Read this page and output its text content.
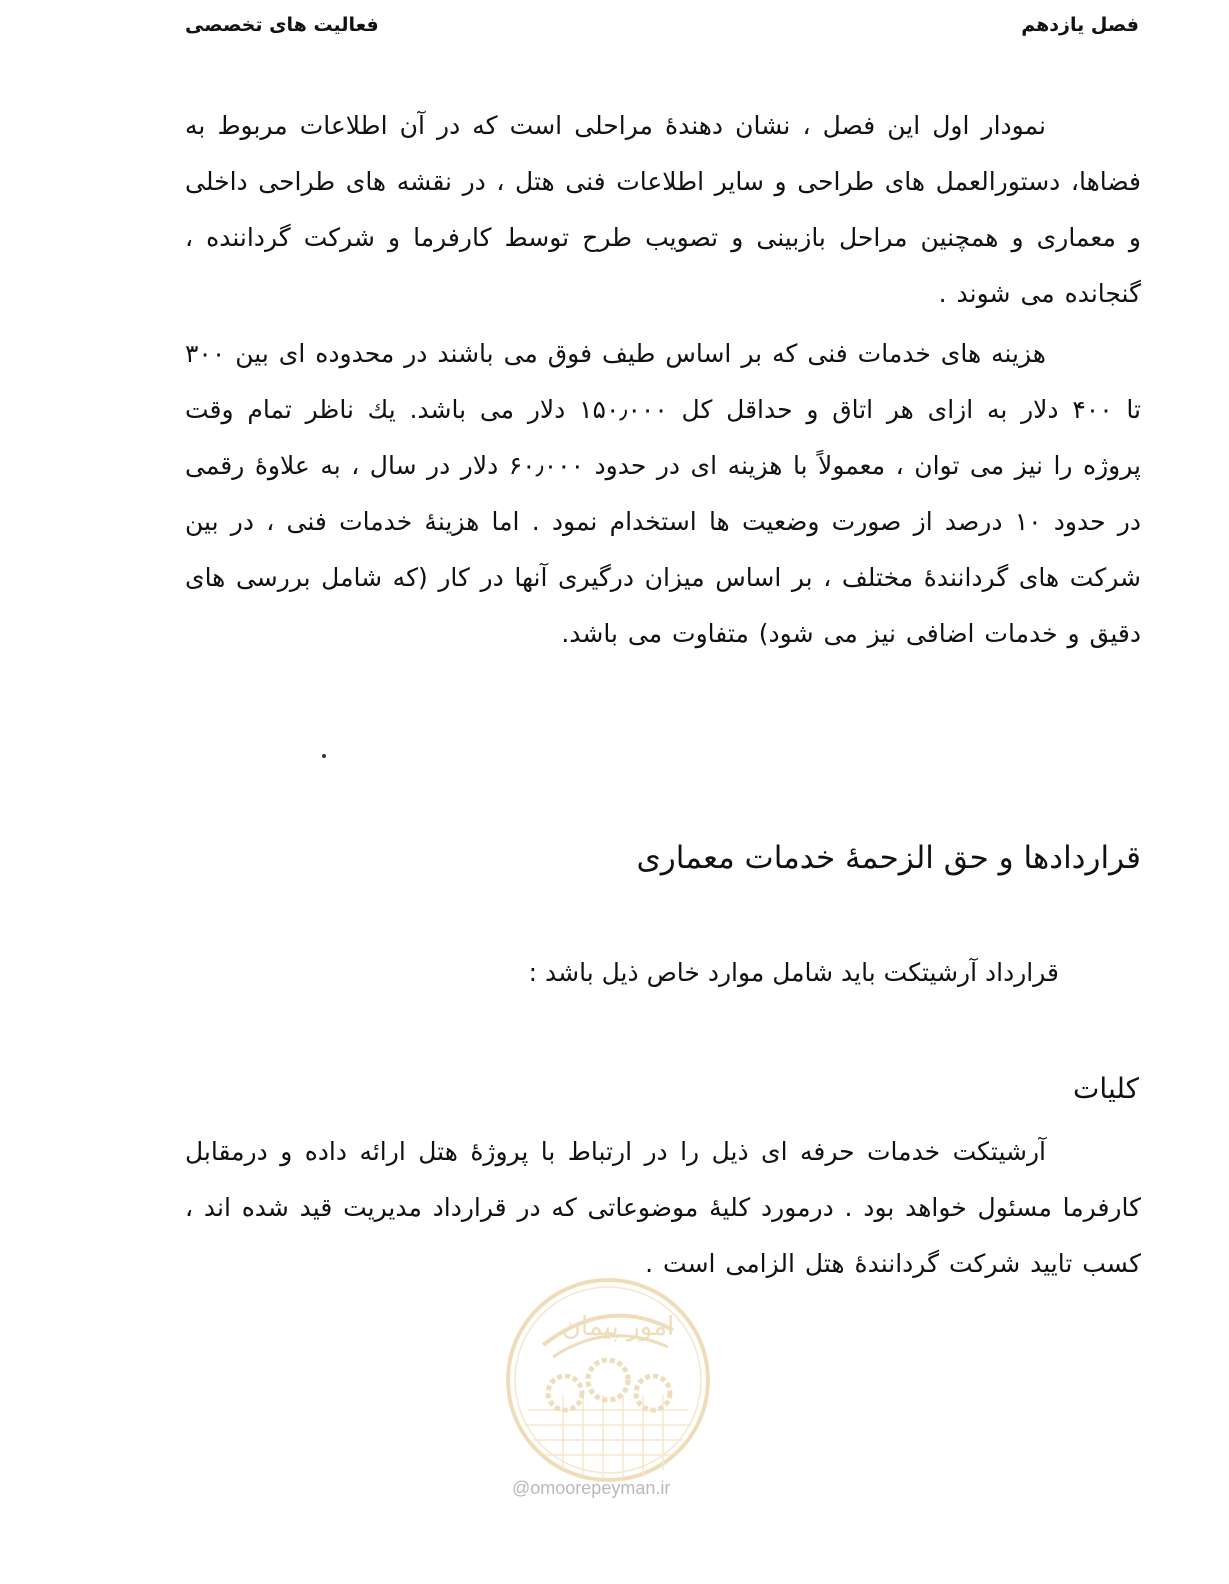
فصل یازدهم
فعالیت های تخصصی

نمودار اول این فصل ، نشان دهندهٔ مراحلی است که در آن اطلاعات مربوط به فضاها، دستورالعمل های طراحی و سایر اطلاعات فنی هتل ، در نقشه های طراحی داخلی و معماری و همچنین مراحل بازبینی و تصویب طرح توسط کارفرما و شرکت گرداننده ، گنجانده می شوند .

هزینه های خدمات فنی که بر اساس طیف فوق می باشند در محدوده ای بین ۳۰۰ تا ۴۰۰ دلار به ازای هر اتاق و حداقل کل ۱۵۰٫۰۰۰ دلار می باشد. یك ناظر تمام وقت پروژه را نیز می توان ، معمولاً با هزینه ای در حدود ۶۰٫۰۰۰ دلار در سال ، به علاوهٔ رقمی در حدود ۱۰ درصد از صورت وضعیت ها استخدام نمود . اما هزینهٔ خدمات فنی ، در بین شرکت های گردانندهٔ مختلف ، بر اساس میزان درگیری آنها در کار (که شامل بررسی های دقیق و خدمات اضافی نیز می شود) متفاوت می باشد.

قراردادها و حق الزحمهٔ خدمات معماری
قرارداد آرشیتکت باید شامل موارد خاص ذیل باشد :
کلیات

آرشیتکت خدمات حرفه ای ذیل را در ارتباط با پروژهٔ هتل ارائه داده و درمقابل کارفرما مسئول خواهد بود . درمورد کلیهٔ موضوعاتی که در قرارداد مدیریت قید شده اند ، کسب تایید شرکت گردانندهٔ هتل الزامی است .

امور پیمان
@omoorepeyman.ir
